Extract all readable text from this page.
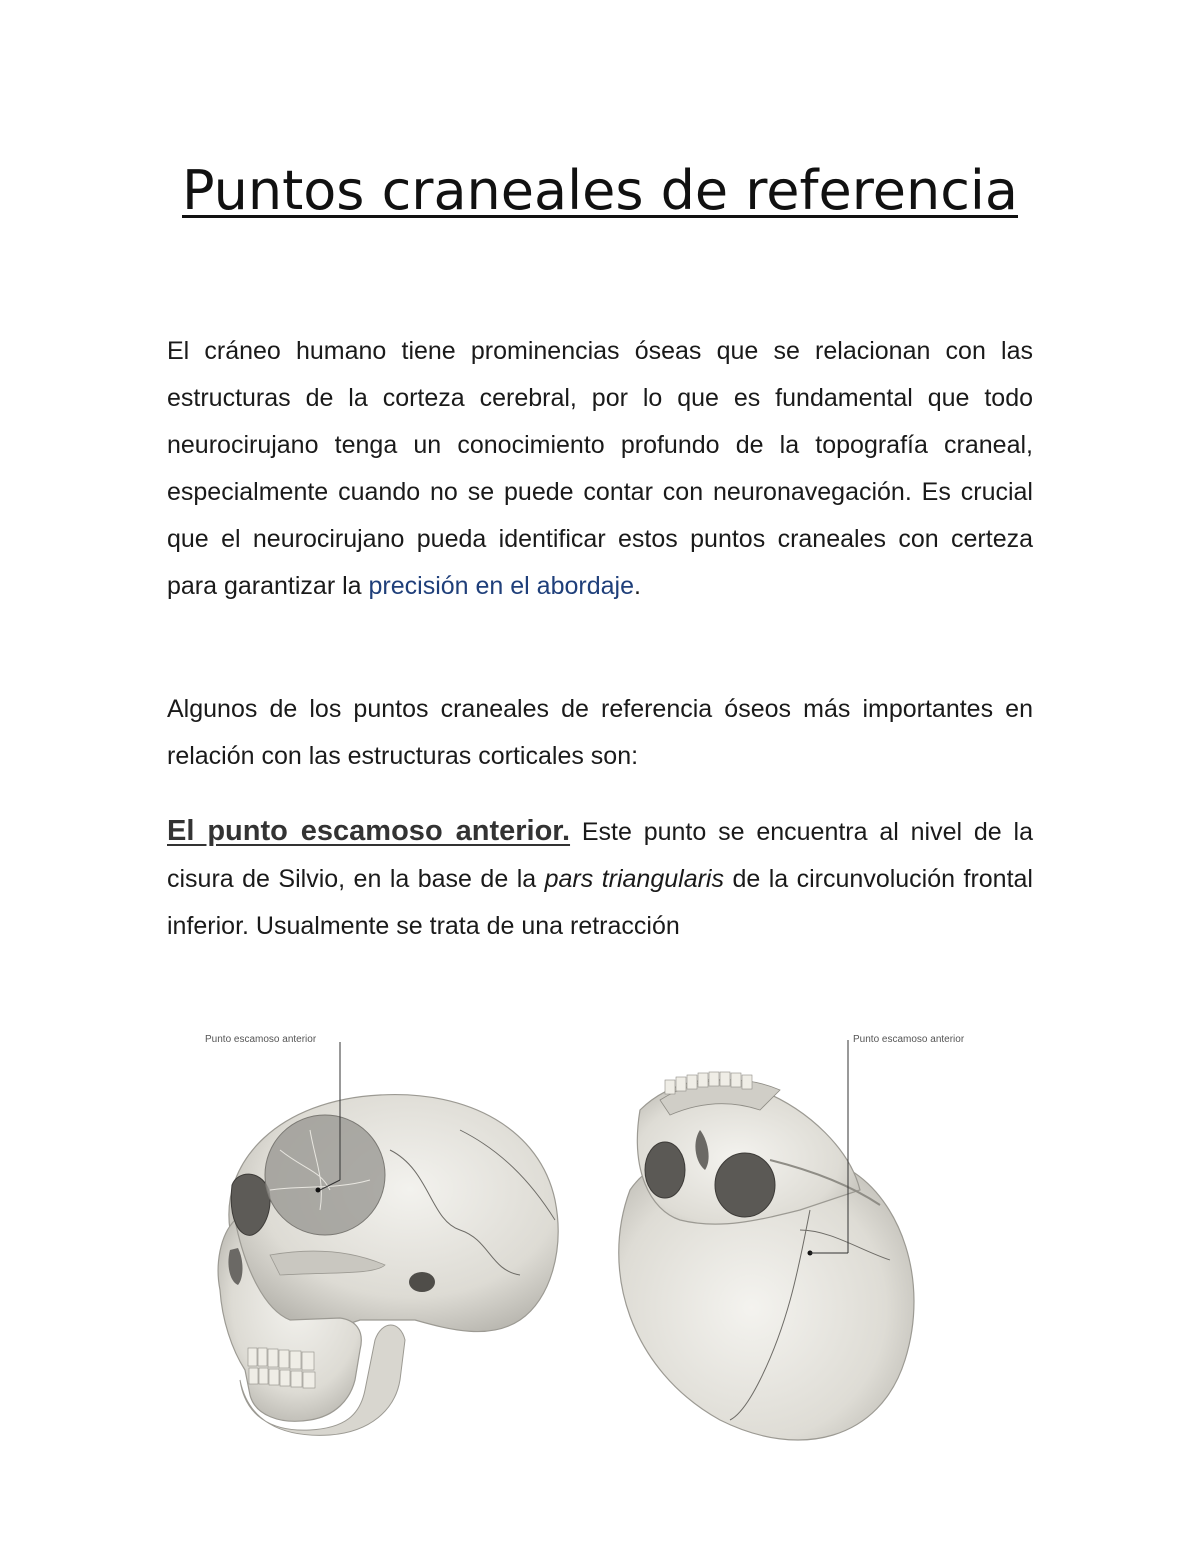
Puntos craneales de referencia

El cráneo humano tiene prominencias óseas que se relacionan con las estructuras de la corteza cerebral, por lo que es fundamental que todo neurocirujano tenga un conocimiento profundo de la topografía craneal, especialmente cuando no se puede contar con neuronavegación. Es crucial que el neurocirujano pueda identificar estos puntos craneales con certeza para garantizar la precisión en el abordaje.

Algunos de los puntos craneales de referencia óseos más importantes en relación con las estructuras corticales son:

El punto escamoso anterior. Este punto se encuentra al nivel de la cisura de Silvio, en la base de la pars triangularis de la circunvolución frontal inferior. Usualmente se trata de una retracción

Punto escamoso anterior	Punto escamoso anterior
